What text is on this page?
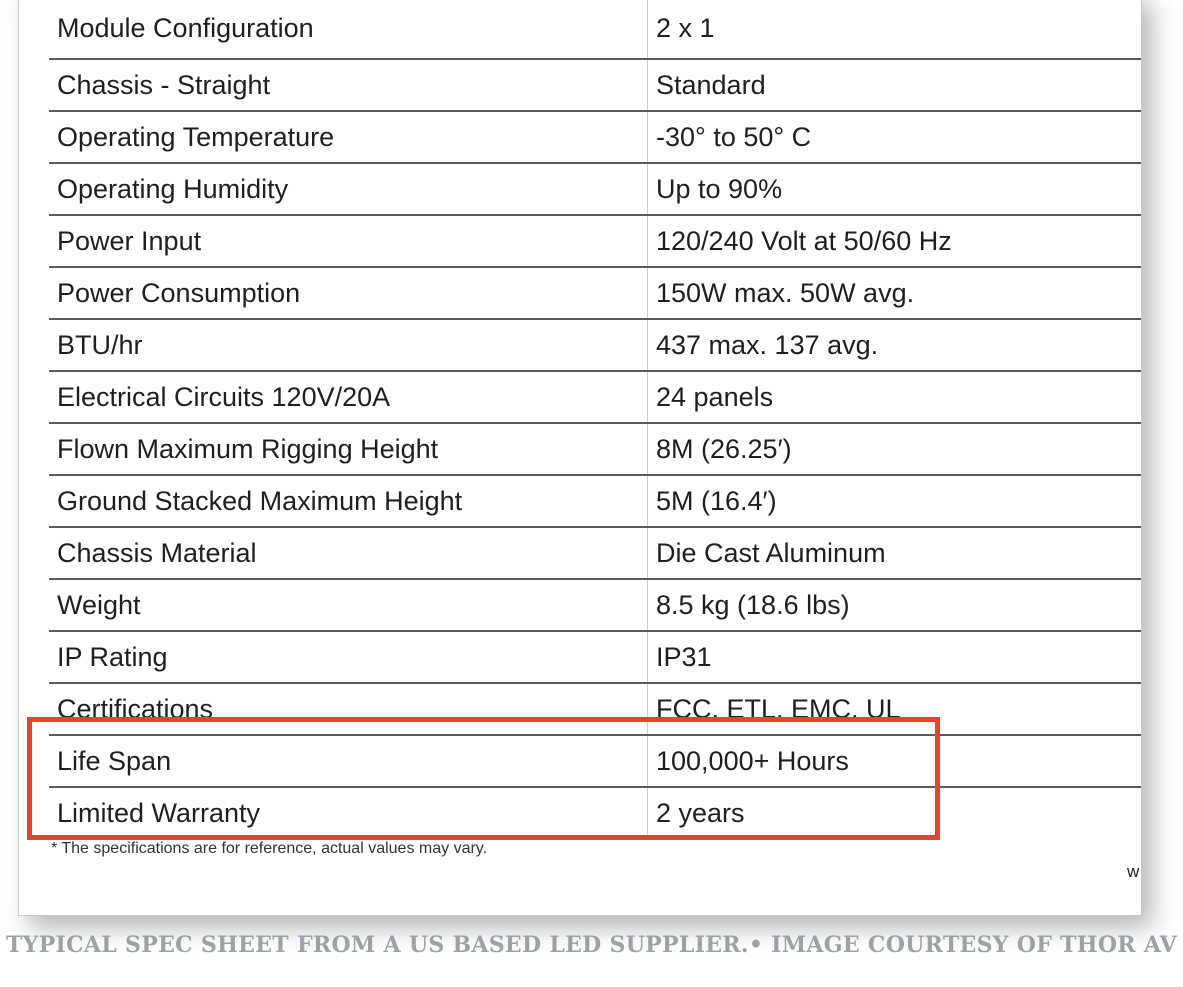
Module Configuration	2 x 1
Chassis - Straight	Standard
Operating Temperature	-30° to 50° C
Operating Humidity	Up to 90%
Power Input	120/240 Volt at 50/60 Hz
Power Consumption	150W max. 50W avg.
BTU/hr	437 max. 137 avg.
Electrical Circuits 120V/20A	24 panels
Flown Maximum Rigging Height	8M (26.25′)
Ground Stacked Maximum Height	5M (16.4′)
Chassis Material	Die Cast Aluminum
Weight	8.5 kg (18.6 lbs)
IP Rating	IP31
Certifications	FCC, ETL, EMC, UL
Life Span	100,000+ Hours
Limited Warranty	2 years
* The specifications are for reference, actual values may vary.
w
TYPICAL SPEC SHEET FROM A US BASED LED SUPPLIER.• IMAGE COURTESY OF THOR AV
